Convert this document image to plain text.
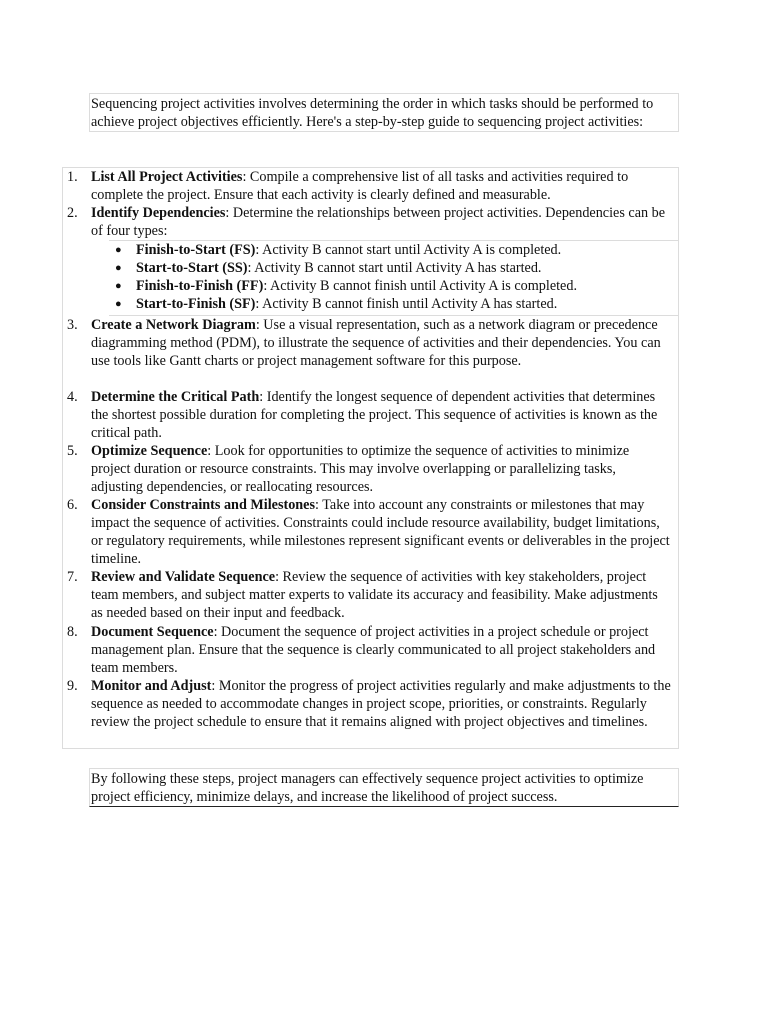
Sequencing project activities involves determining the order in which tasks should be performed to achieve project objectives efficiently. Here's a step-by-step guide to sequencing project activities:

1. List All Project Activities: Compile a comprehensive list of all tasks and activities required to complete the project. Ensure that each activity is clearly defined and measurable.

2. Identify Dependencies: Determine the relationships between project activities. Dependencies can be of four types:

● Finish-to-Start (FS): Activity B cannot start until Activity A is completed.

● Start-to-Start (SS): Activity B cannot start until Activity A has started.

● Finish-to-Finish (FF): Activity B cannot finish until Activity A is completed.

● Start-to-Finish (SF): Activity B cannot finish until Activity A has started.

3. Create a Network Diagram: Use a visual representation, such as a network diagram or precedence diagramming method (PDM), to illustrate the sequence of activities and their dependencies. You can use tools like Gantt charts or project management software for this purpose.

4. Determine the Critical Path: Identify the longest sequence of dependent activities that determines the shortest possible duration for completing the project. This sequence of activities is known as the critical path.

5. Optimize Sequence: Look for opportunities to optimize the sequence of activities to minimize project duration or resource constraints. This may involve overlapping or parallelizing tasks, adjusting dependencies, or reallocating resources.

6. Consider Constraints and Milestones: Take into account any constraints or milestones that may impact the sequence of activities. Constraints could include resource availability, budget limitations, or regulatory requirements, while milestones represent significant events or deliverables in the project timeline.

7. Review and Validate Sequence: Review the sequence of activities with key stakeholders, project team members, and subject matter experts to validate its accuracy and feasibility. Make adjustments as needed based on their input and feedback.

8. Document Sequence: Document the sequence of project activities in a project schedule or project management plan. Ensure that the sequence is clearly communicated to all project stakeholders and team members.

9. Monitor and Adjust: Monitor the progress of project activities regularly and make adjustments to the sequence as needed to accommodate changes in project scope, priorities, or constraints. Regularly review the project schedule to ensure that it remains aligned with project objectives and timelines.

By following these steps, project managers can effectively sequence project activities to optimize project efficiency, minimize delays, and increase the likelihood of project success.
